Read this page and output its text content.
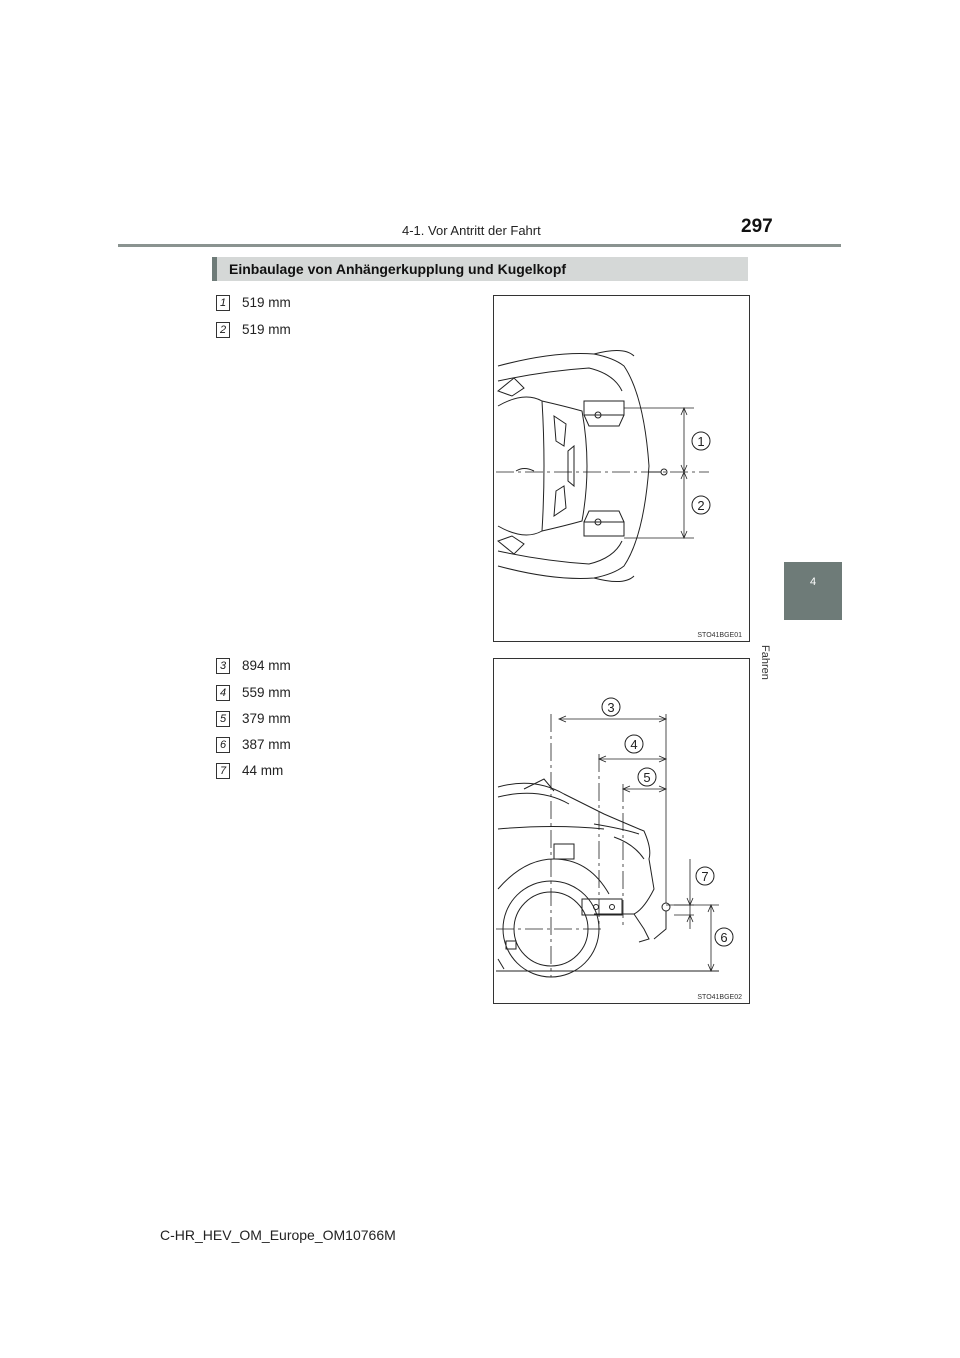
4-1. Vor Antritt der Fahrt	297
4
Fahren
Einbaulage von Anhängerkupplung und Kugelkopf
1 519 mm
2 519 mm
3 894 mm
4 559 mm
5 379 mm
6 387 mm
7 44 mm
1
2
STO41BGE01
3
4
5
7
6
STO41BGE02
C-HR_HEV_OM_Europe_OM10766M
